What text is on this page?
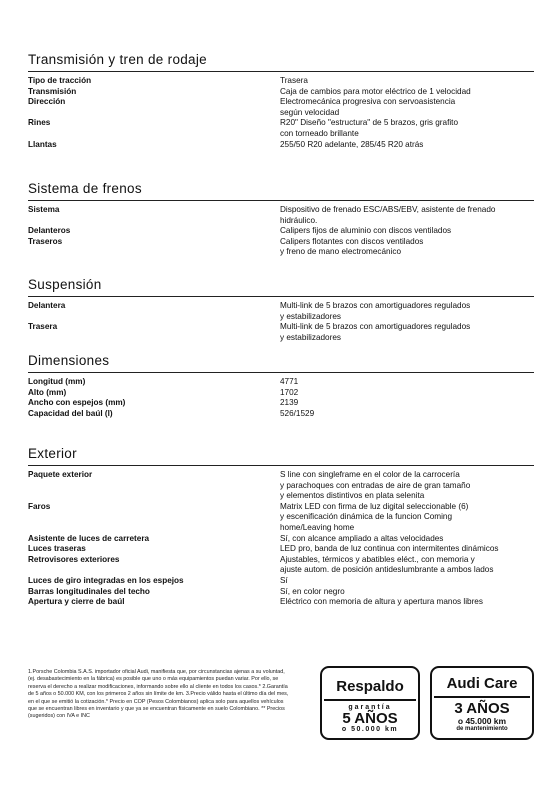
Transmisión y tren de rodaje
Tipo de tracción	Trasera
Transmisión	Caja de cambios para motor eléctrico de 1 velocidad
Dirección	Electromecánica progresiva con servoasistencia
según velocidad
Rines	R20" Diseño "estructura" de 5 brazos, gris grafito
con torneado brillante
Llantas	255/50 R20 adelante, 285/45 R20 atrás
Sistema de frenos
Sistema	Dispositivo de frenado ESC/ABS/EBV, asistente de frenado
hidráulico.
Delanteros	Calipers fijos de aluminio con discos ventilados
Traseros	Calipers flotantes con discos ventilados
y freno de mano electromecánico
Suspensión
Delantera	Multi-link de 5 brazos con amortiguadores regulados
y estabilizadores
Trasera	Multi-link de 5 brazos con amortiguadores regulados
y estabilizadores
Dimensiones
Longitud (mm)	4771
Alto (mm)	1702
Ancho con espejos (mm)	2139
Capacidad del baúl (l)	526/1529
Exterior
Paquete exterior	S line con singleframe en el color de la carrocería
y parachoques con entradas de aire de gran tamaño
y elementos distintivos en plata selenita
Faros	Matrix LED con firma de luz digital seleccionable (6)
y escenificación dinámica de la funcion Coming
home/Leaving home
Asistente de luces de carretera	Sí, con alcance ampliado a altas velocidades
Luces traseras	LED pro, banda de luz continua con intermitentes dinámicos
Retrovisores exteriores	Ajustables, térmicos y abatibles eléct., con memoria y
ajuste autom. de posición antideslumbrante a ambos lados
Luces de giro integradas en los espejos	Sí
Barras longitudinales del techo	Sí, en color negro
Apertura y cierre de baúl	Eléctrico con memoria de altura y apertura manos libres
1.Porsche Colombia S.A.S. importador oficial Audi, manifiesta que, por circunstancias ajenas a su voluntad, (ej. desabastecimiento en la fábrica) es posible que uno o más equipamientos puedan variar. Por ello, se reserva el derecho a realizar modificaciones, informando sobre ello al cliente en todos los casos.* 2.Garantía de 5 años o 50.000 KM, con los primeros 2 años sin límite de km. 3.Precio válido hasta el último día del mes, en el que se emitió la cotización.* Precio en COP (Pesos Colombianos) aplica solo para aquellos vehículos que se encuentran libres en inventario y que ya se encuentran físicamente en suelo Colombiano. ** Precios (sugeridos) con IVA e INC
Respaldo
garantía
5 AÑOS
o 50.000 km
Audi Care
3 AÑOS
o 45.000 km
de mantenimiento
